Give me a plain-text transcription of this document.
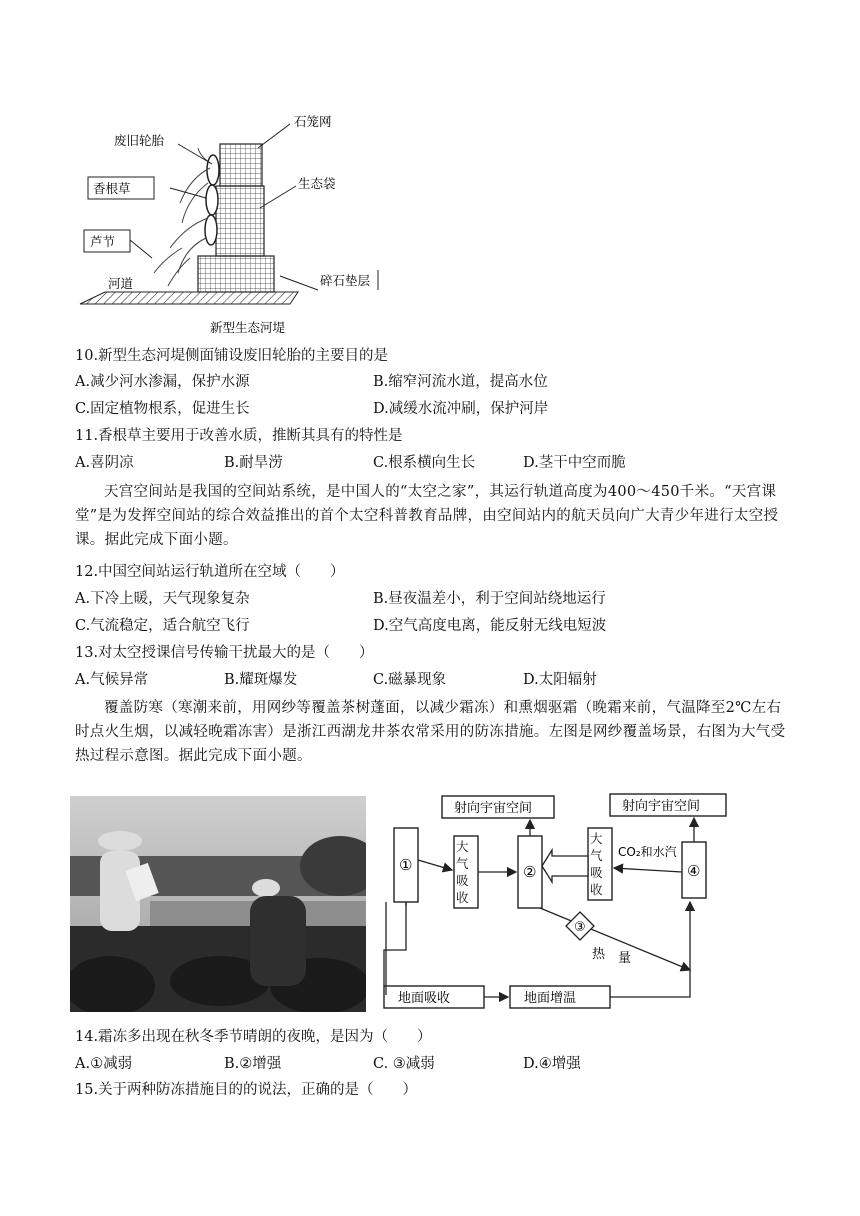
废旧轮胎
石笼网
香根草	生态袋
芦节
河道	碎石垫层
新型生态河堤
10.新型生态河堤侧面铺设废旧轮胎的主要目的是
A.减少河水渗漏，保护水源	B.缩窄河流水道，提高水位
C.固定植物根系，促进生长	D.减缓水流冲刷，保护河岸
11.香根草主要用于改善水质，推断其具有的特性是
A.喜阴凉	B.耐旱涝	C.根系横向生长	D.茎干中空而脆
天宫空间站是我国的空间站系统，是中国人的“太空之家”，其运行轨道高度为400～450千米。“天宫课堂”是为发挥空间站的综合效益推出的首个太空科普教育品牌，由空间站内的航天员向广大青少年进行太空授课。据此完成下面小题。
12.中国空间站运行轨道所在空域（　　）
A.下冷上暖，天气现象复杂	B.昼夜温差小，利于空间站绕地运行
C.气流稳定，适合航空飞行	D.空气高度电离，能反射无线电短波
13.对太空授课信号传输干扰最大的是（　　）
A.气候异常	B.耀斑爆发	C.磁暴现象	D.太阳辐射
覆盖防寒（寒潮来前，用网纱等覆盖茶树蓬面，以减少霜冻）和熏烟驱霜（晚霜来前，气温降至2℃左右时点火生烟，以减轻晚霜冻害）是浙江西湖龙井茶农常采用的防冻措施。左图是网纱覆盖场景，右图为大气受热过程示意图。据此完成下面小题。
射向宇宙空间	射向宇宙空间
①	②
③
④
CO₂和水汽
热 量
地面吸收	地面增温
大气吸收
大气吸收
14.霜冻多出现在秋冬季节晴朗的夜晚，是因为（　　）
A.①减弱	B.②增强	C. ③减弱	D.④增强
15.关于两种防冻措施目的的说法，正确的是（　　）
